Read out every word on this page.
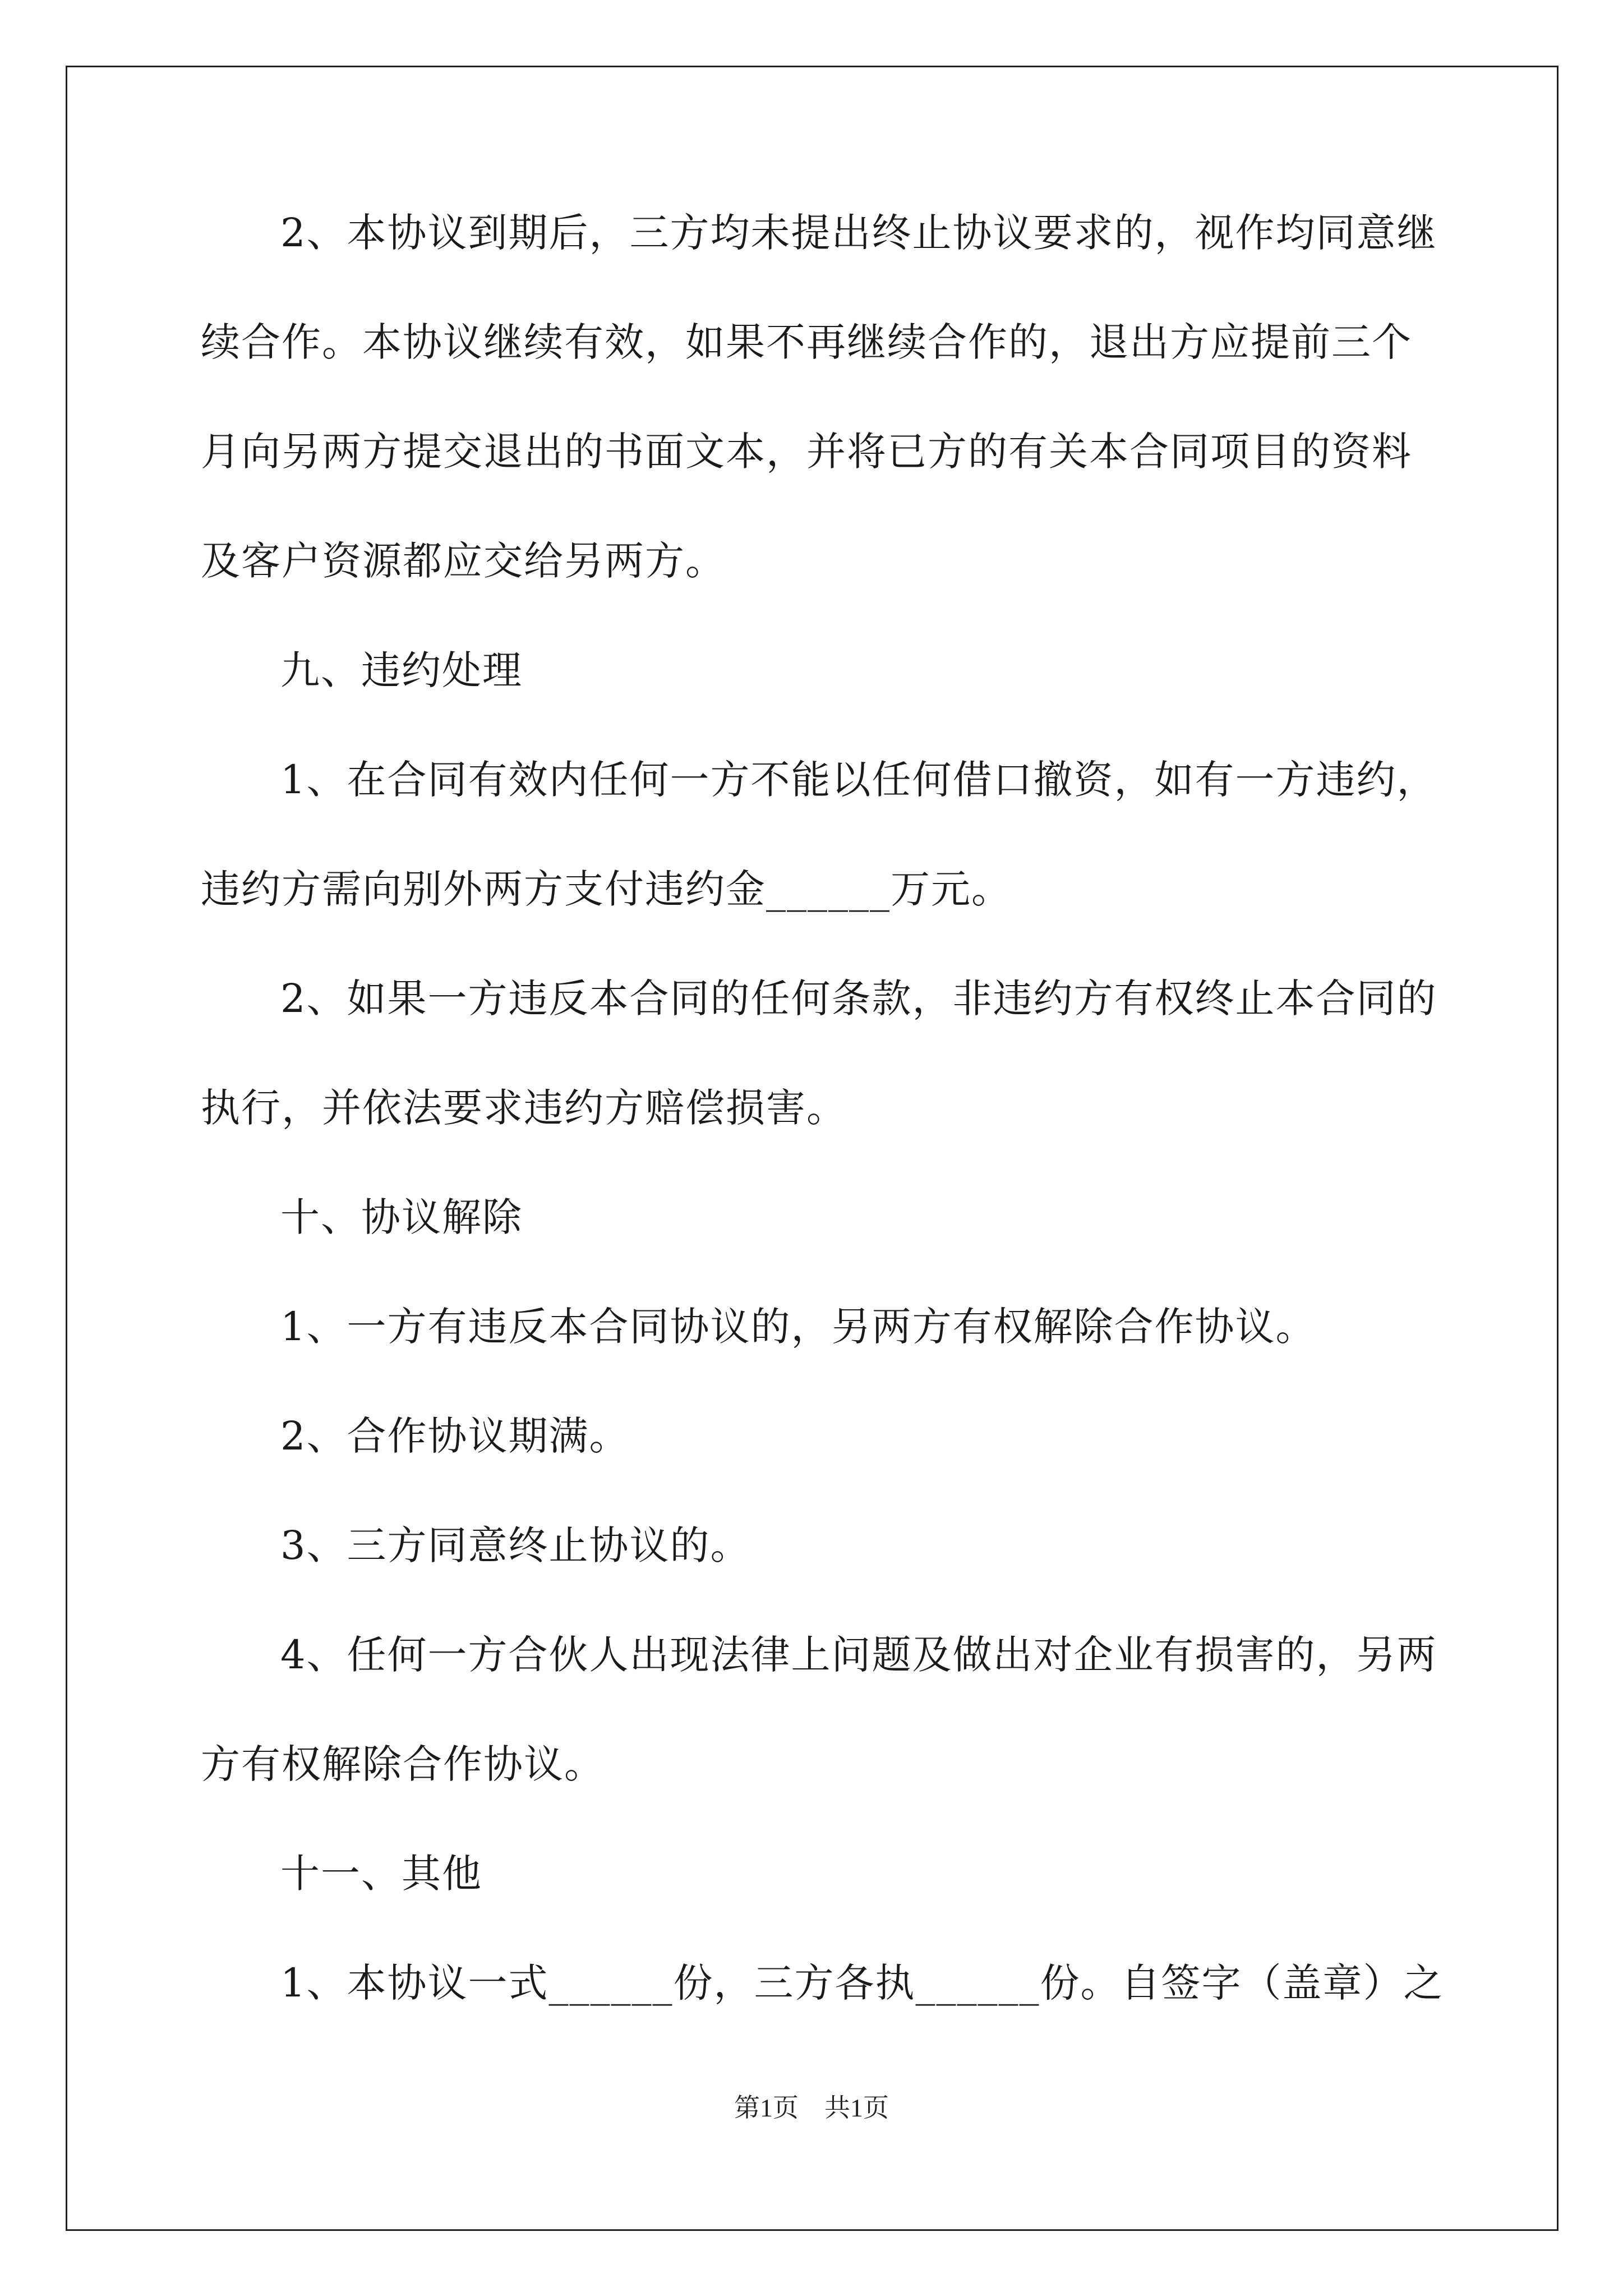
2、本协议到期后，三方均未提出终止协议要求的，视作均同意继
续合作。本协议继续有效，如果不再继续合作的，退出方应提前三个
月向另两方提交退出的书面文本，并将已方的有关本合同项目的资料
及客户资源都应交给另两方。
九、违约处理
1、在合同有效内任何一方不能以任何借口撤资，如有一方违约，
违约方需向别外两方支付违约金______万元。
2、如果一方违反本合同的任何条款，非违约方有权终止本合同的
执行，并依法要求违约方赔偿损害。
十、协议解除
1、一方有违反本合同协议的，另两方有权解除合作协议。
2、合作协议期满。
3、三方同意终止协议的。
4、任何一方合伙人出现法律上问题及做出对企业有损害的，另两
方有权解除合作协议。
十一、其他
1、本协议一式______份，三方各执______份。自签字（盖章）之
第1页　共1页
